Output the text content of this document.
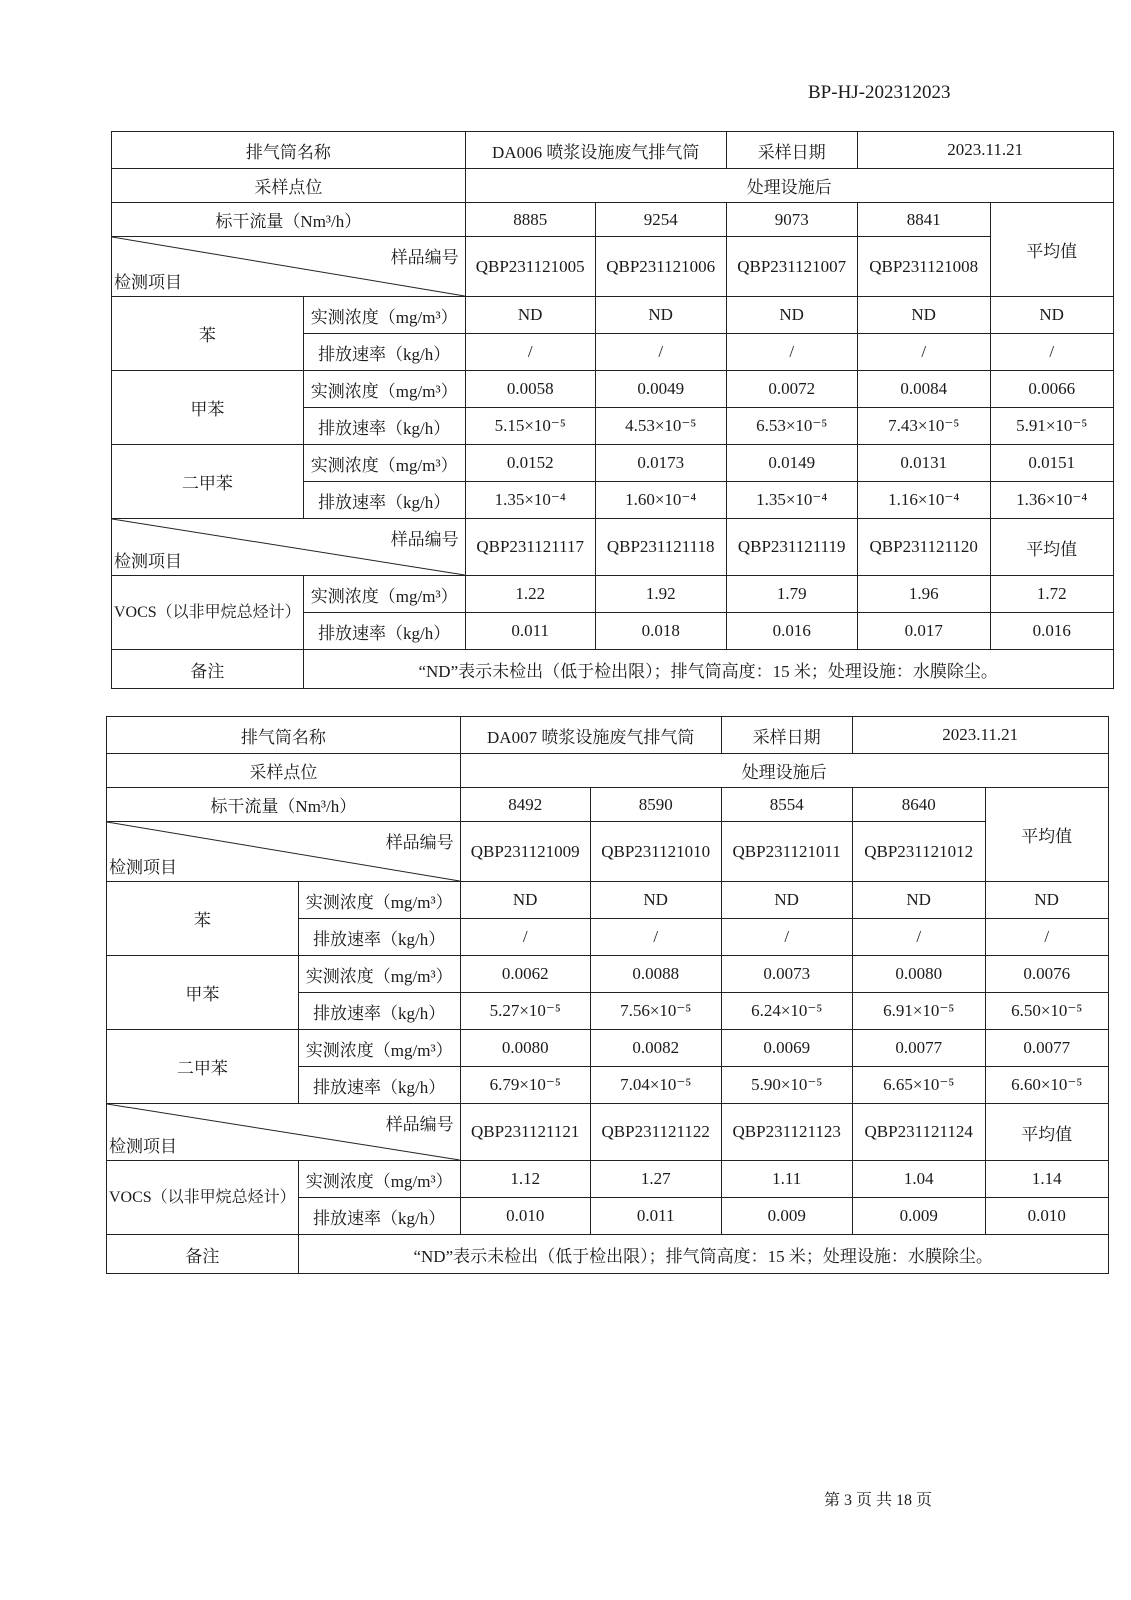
BP-HJ-202312023
排气筒名称		DA006 喷浆设施废气排气筒		采样日期	2023.11.21	
采样点位		处理设施后				
标干流量（Nm³/h）		8885	9254	9073	8841	平均值

样品编号
检测项目		QBP231121005	QBP231121006	QBP231121007	QBP231121008	
苯	实测浓度（mg/m³）	ND	ND	ND	ND	ND
	排放速率（kg/h）	/	/	/	/	/
甲苯	实测浓度（mg/m³）	0.0058	0.0049	0.0072	0.0084	0.0066
	排放速率（kg/h）	5.15×10⁻⁵	4.53×10⁻⁵	6.53×10⁻⁵	7.43×10⁻⁵	5.91×10⁻⁵
二甲苯	实测浓度（mg/m³）	0.0152	0.0173	0.0149	0.0131	0.0151
	排放速率（kg/h）	1.35×10⁻⁴	1.60×10⁻⁴	1.35×10⁻⁴	1.16×10⁻⁴	1.36×10⁻⁴

样品编号
检测项目		QBP231121117	QBP231121118	QBP231121119	QBP231121120	平均值
VOCS（以非甲烷总烃计）	实测浓度（mg/m³）	1.22	1.92	1.79	1.96	1.72
	排放速率（kg/h）	0.011	0.018	0.016	0.017	0.016
备注	“ND”表示未检出（低于检出限）；排气筒高度：15 米；处理设施：水膜除尘。					
排气筒名称		DA007 喷浆设施废气排气筒		采样日期	2023.11.21	
采样点位		处理设施后				
标干流量（Nm³/h）		8492	8590	8554	8640	平均值

样品编号
检测项目		QBP231121009	QBP231121010	QBP231121011	QBP231121012	
苯	实测浓度（mg/m³）	ND	ND	ND	ND	ND
	排放速率（kg/h）	/	/	/	/	/
甲苯	实测浓度（mg/m³）	0.0062	0.0088	0.0073	0.0080	0.0076
	排放速率（kg/h）	5.27×10⁻⁵	7.56×10⁻⁵	6.24×10⁻⁵	6.91×10⁻⁵	6.50×10⁻⁵
二甲苯	实测浓度（mg/m³）	0.0080	0.0082	0.0069	0.0077	0.0077
	排放速率（kg/h）	6.79×10⁻⁵	7.04×10⁻⁵	5.90×10⁻⁵	6.65×10⁻⁵	6.60×10⁻⁵

样品编号
检测项目		QBP231121121	QBP231121122	QBP231121123	QBP231121124	平均值
VOCS（以非甲烷总烃计）	实测浓度（mg/m³）	1.12	1.27	1.11	1.04	1.14
	排放速率（kg/h）	0.010	0.011	0.009	0.009	0.010
备注	“ND”表示未检出（低于检出限）；排气筒高度：15 米；处理设施：水膜除尘。					
第 3 页 共 18 页
